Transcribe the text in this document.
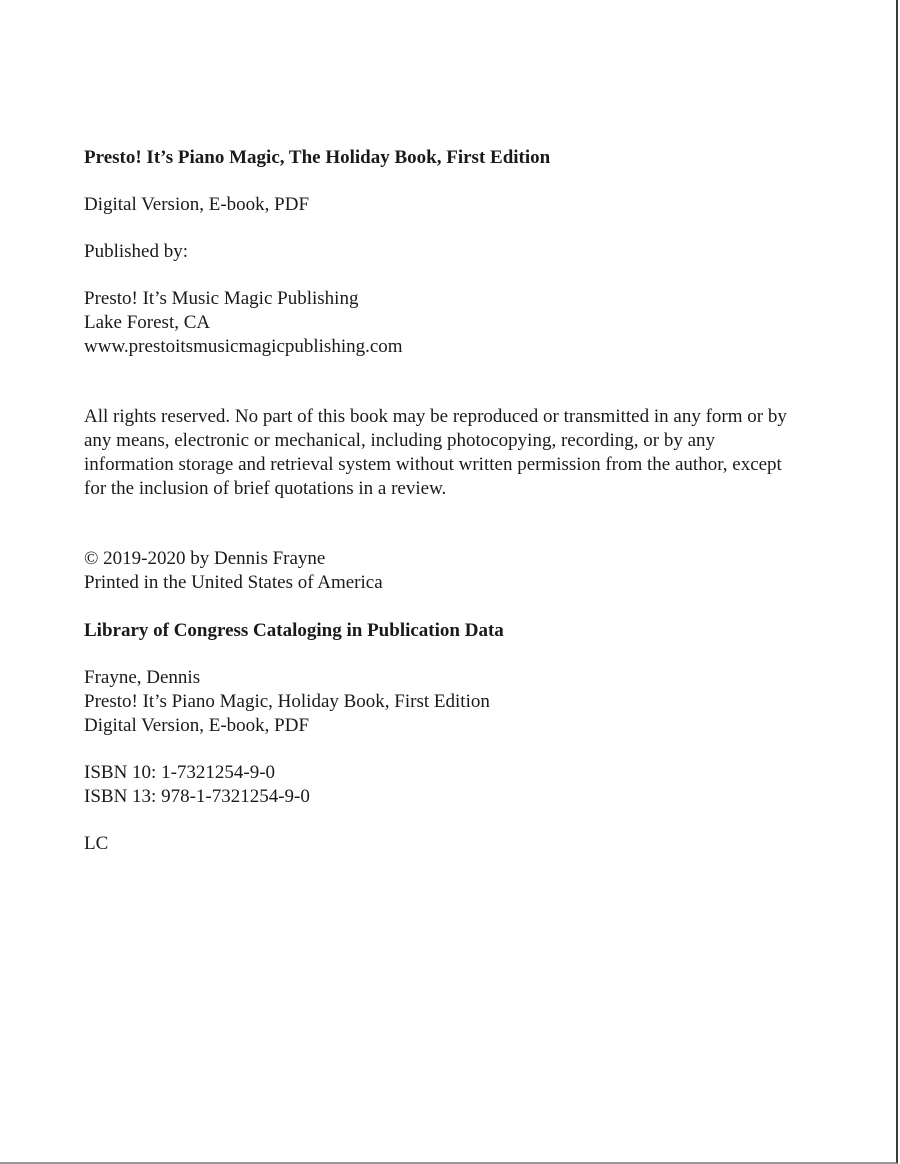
Presto! It’s Piano Magic, The Holiday Book, First Edition
Digital Version, E-book, PDF
Published by:
Presto! It’s Music Magic Publishing
Lake Forest, CA
www.prestoitsmusicmagicpublishing.com
All rights reserved. No part of this book may be reproduced or transmitted in any form or by
any means, electronic or mechanical, including photocopying, recording, or by any
information storage and retrieval system without written permission from the author, except
for the inclusion of brief quotations in a review.
© 2019-2020 by Dennis Frayne
Printed in the United States of America
Library of Congress Cataloging in Publication Data
Frayne, Dennis
Presto! It’s Piano Magic, Holiday Book, First Edition
Digital Version, E-book, PDF
ISBN 10: 1-7321254-9-0
ISBN 13: 978-1-7321254-9-0
LC
